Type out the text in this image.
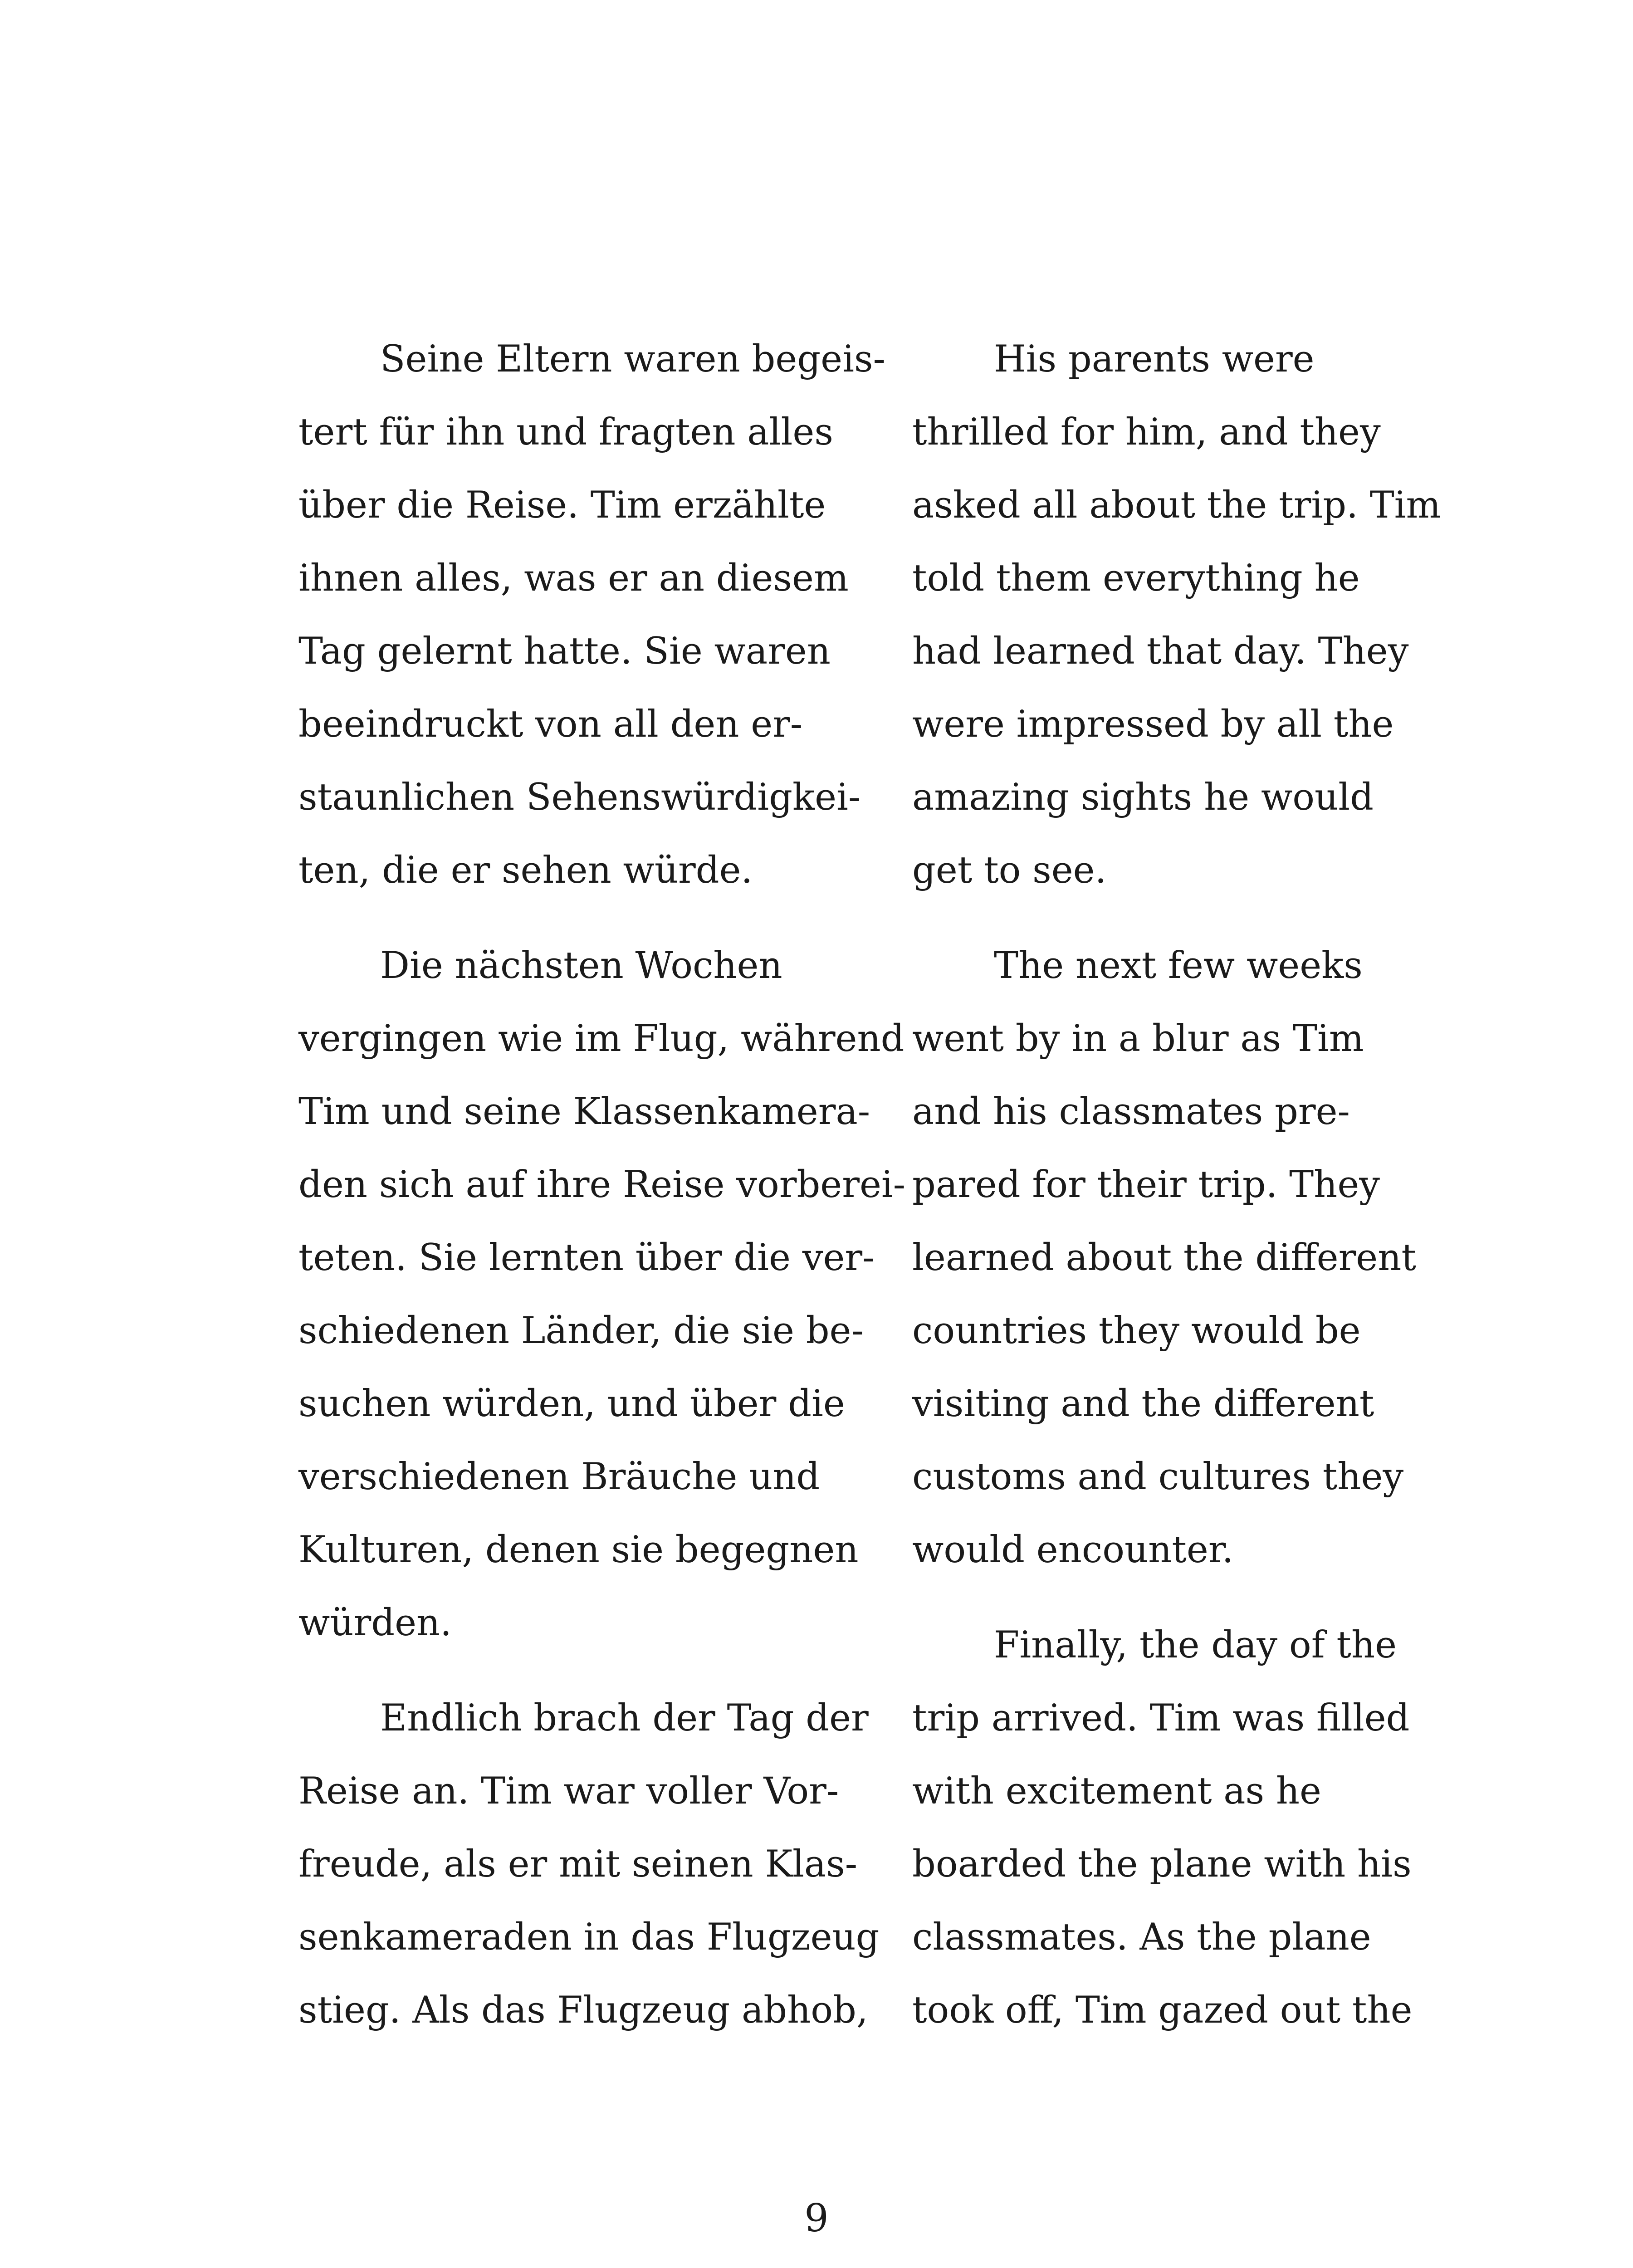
Seine Eltern waren begeis-
tert für ihn und fragten alles
über die Reise. Tim erzählte
ihnen alles, was er an diesem
Tag gelernt hatte. Sie waren
beeindruckt von all den er-
staunlichen Sehenswürdigkei-
ten, die er sehen würde.
Die nächsten Wochen
vergingen wie im Flug, während
Tim und seine Klassenkamera-
den sich auf ihre Reise vorberei-
teten. Sie lernten über die ver-
schiedenen Länder, die sie be-
suchen würden, und über die
verschiedenen Bräuche und
Kulturen, denen sie begegnen
würden.
Endlich brach der Tag der
Reise an. Tim war voller Vor-
freude, als er mit seinen Klas-
senkameraden in das Flugzeug
stieg. Als das Flugzeug abhob,
His parents were
thrilled for him, and they
asked all about the trip. Tim
told them everything he
had learned that day. They
were impressed by all the
amazing sights he would
get to see.
The next few weeks
went by in a blur as Tim
and his classmates pre-
pared for their trip. They
learned about the different
countries they would be
visiting and the different
customs and cultures they
would encounter.
Finally, the day of the
trip arrived. Tim was filled
with excitement as he
boarded the plane with his
classmates. As the plane
took off, Tim gazed out the
9
